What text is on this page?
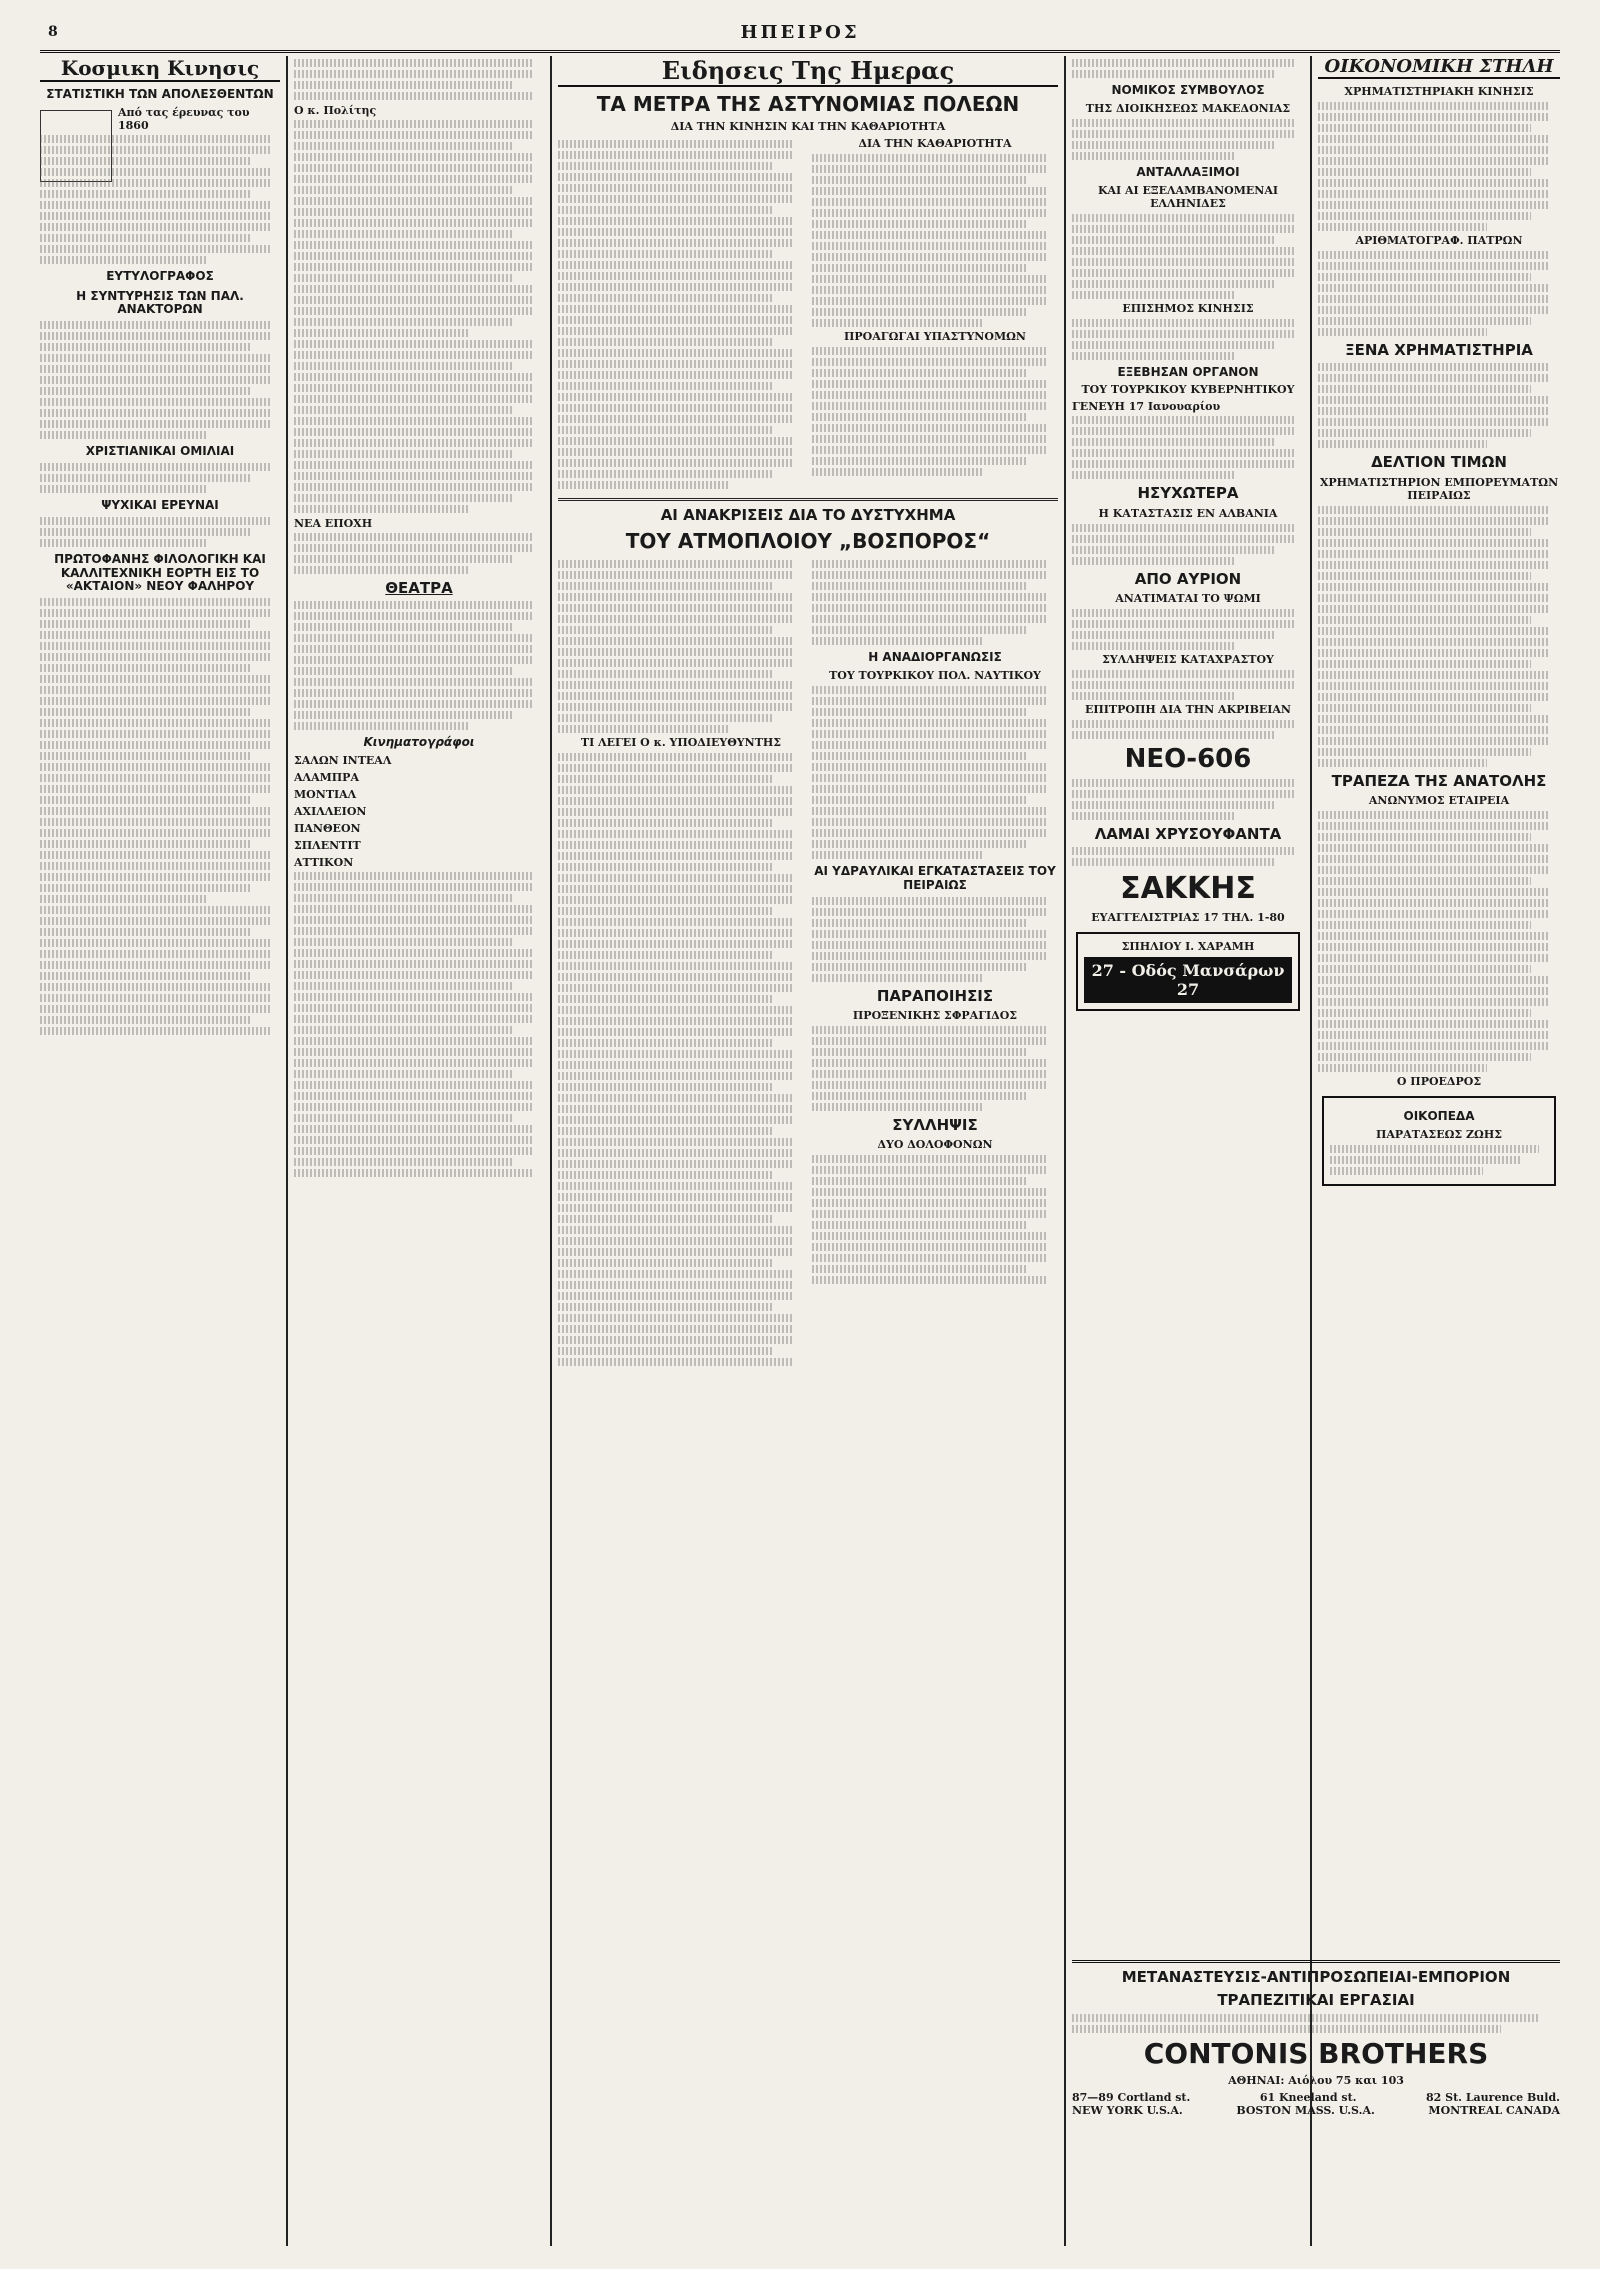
8	ΗΠΕΙΡΟΣ
Κοσμικη Κινησις
ΣΤΑΤΙΣΤΙΚΗ ΤΩΝ ΑΠΟΛΕΣΘΕΝΤΩΝ
Από τας έρευνας του 1860
ΕΥΤΥΛΟΓΡΑΦΟΣ
Η ΣΥΝΤΥΡΗΣΙΣ ΤΩΝ ΠΑΛ. ΑΝΑΚΤΟΡΩΝ
ΧΡΙΣΤΙΑΝΙΚΑΙ ΟΜΙΛΙΑΙ
ΨΥΧΙΚΑΙ ΕΡΕΥΝΑΙ
ΠΡΩΤΟΦΑΝΗΣ ΦΙΛΟΛΟΓΙΚΗ ΚΑΙ ΚΑΛΛΙΤΕΧΝΙΚΗ ΕΟΡΤΗ ΕΙΣ ΤΟ «ΑΚΤΑΙΟΝ» ΝΕΟΥ ΦΑΛΗΡΟΥ
Ο κ. Πολίτης
ΝΕΑ ΕΠΟΧΗ
ΘΕΑΤΡΑ
Κινηματογράφοι
ΣΑΛΩΝ ΙΝΤΕΑΛ
ΑΛΑΜΠΡΑ
ΜΟΝΤΙΑΛ
ΑΧΙΛΛΕΙΟΝ
ΠΑΝΘΕΟΝ
ΣΠΛΕΝΤΙΤ
ΑΤΤΙΚΟΝ
Ειδησεις Της Ημερας
ΤΑ ΜΕΤΡΑ ΤΗΣ ΑΣΤΥΝΟΜΙΑΣ ΠΟΛΕΩΝ
ΔΙΑ ΤΗΝ ΚΙΝΗΣΙΝ ΚΑΙ ΤΗΝ ΚΑΘΑΡΙΟΤΗΤΑ
ΔΙΑ ΤΗΝ ΚΑΘΑΡΙΟΤΗΤΑ
ΠΡΟΑΓΩΓΑΙ ΥΠΑΣΤΥΝΟΜΩΝ
ΑΙ ΑΝΑΚΡΙΣΕΙΣ ΔΙΑ ΤΟ ΔΥΣΤΥΧΗΜΑ
ΤΟΥ ΑΤΜΟΠΛΟΙΟΥ „ΒΟΣΠΟΡΟΣ“
ΤΙ ΛΕΓΕΙ Ο κ. ΥΠΟΔΙΕΥΘΥΝΤΗΣ
Η ΑΝΑΔΙΟΡΓΑΝΩΣΙΣ
ΤΟΥ ΤΟΥΡΚΙΚΟΥ ΠΟΛ. ΝΑΥΤΙΚΟΥ
ΑΙ ΥΔΡΑΥΛΙΚΑΙ ΕΓΚΑΤΑΣΤΑΣΕΙΣ ΤΟΥ ΠΕΙΡΑΙΩΣ
ΠΑΡΑΠΟΙΗΣΙΣ
ΠΡΟΞΕΝΙΚΗΣ ΣΦΡΑΓΙΔΟΣ
ΣΥΛΛΗΨΙΣ
ΔΥΟ ΔΟΛΟΦΟΝΩΝ
ΝΟΜΙΚΟΣ ΣΥΜΒΟΥΛΟΣ
ΤΗΣ ΔΙΟΙΚΗΣΕΩΣ ΜΑΚΕΔΟΝΙΑΣ
ΑΝΤΑΛΛΑΞΙΜΟΙ
ΚΑΙ ΑΙ ΕΞΕΛΑΜΒΑΝΟΜΕΝΑΙ ΕΛΛΗΝΙΔΕΣ
ΕΠΙΣΗΜΟΣ ΚΙΝΗΣΙΣ
ΕΞΕΒΗΣΑΝ ΟΡΓΑΝΟΝ
ΤΟΥ ΤΟΥΡΚΙΚΟΥ ΚΥΒΕΡΝΗΤΙΚΟΥ
ΓΕΝΕΥΗ 17 Ιανουαρίου
ΗΣΥΧΩΤΕΡΑ
Η ΚΑΤΑΣΤΑΣΙΣ ΕΝ ΑΛΒΑΝΙΑ
ΑΠΟ ΑΥΡΙΟΝ
ΑΝΑΤΙΜΑΤΑΙ ΤΟ ΨΩΜΙ
ΣΥΛΛΗΨΕΙΣ ΚΑΤΑΧΡΑΣΤΟΥ
ΕΠΙΤΡΟΠΗ ΔΙΑ ΤΗΝ ΑΚΡΙΒΕΙΑΝ
ΝΕΟ-606
ΛΑΜΑΙ ΧΡΥΣΟΥΦΑΝΤΑ
ΣΑΚΚΗΣ
ΕΥΑΓΓΕΛΙΣΤΡΙΑΣ 17 ΤΗΛ. 1-80
ΣΠΗΛΙΟΥ Ι. ΧΑΡΑΜΗ
27 - Οδός Μανσάρων 27
ΟΙΚΟΝΟΜΙΚΗ ΣΤΗΛΗ
ΧΡΗΜΑΤΙΣΤΗΡΙΑΚΗ ΚΙΝΗΣΙΣ
ΑΡΙΘΜΑΤΟΓΡΑΦ. ΠΑΤΡΩΝ
ΞΕΝΑ ΧΡΗΜΑΤΙΣΤΗΡΙΑ
ΔΕΛΤΙΟΝ ΤΙΜΩΝ
ΧΡΗΜΑΤΙΣΤΗΡΙΟΝ ΕΜΠΟΡΕΥΜΑΤΩΝ ΠΕΙΡΑΙΩΣ
ΤΡΑΠΕΖΑ ΤΗΣ ΑΝΑΤΟΛΗΣ
ΑΝΩΝΥΜΟΣ ΕΤΑΙΡΕΙΑ
Ο ΠΡΟΕΔΡΟΣ
ΟΙΚΟΠΕΔΑ
ΠΑΡΑΤΑΣΕΩΣ ΖΩΗΣ
ΜΕΤΑΝΑΣΤΕΥΣΙΣ-ΑΝΤΙΠΡΟΣΩΠΕΙΑΙ-ΕΜΠΟΡΙΟΝ
ΤΡΑΠΕΖΙΤΙΚΑΙ ΕΡΓΑΣΙΑΙ
CONTONIS BROTHERS
ΑΘΗΝΑΙ: Αιόλου 75 και 103
87—89 Cortland st.	61 Kneeland st.	82 St. Laurence Buld.
NEW YORK U.S.A.	BOSTON MASS. U.S.A.	MONTREAL CANADA
